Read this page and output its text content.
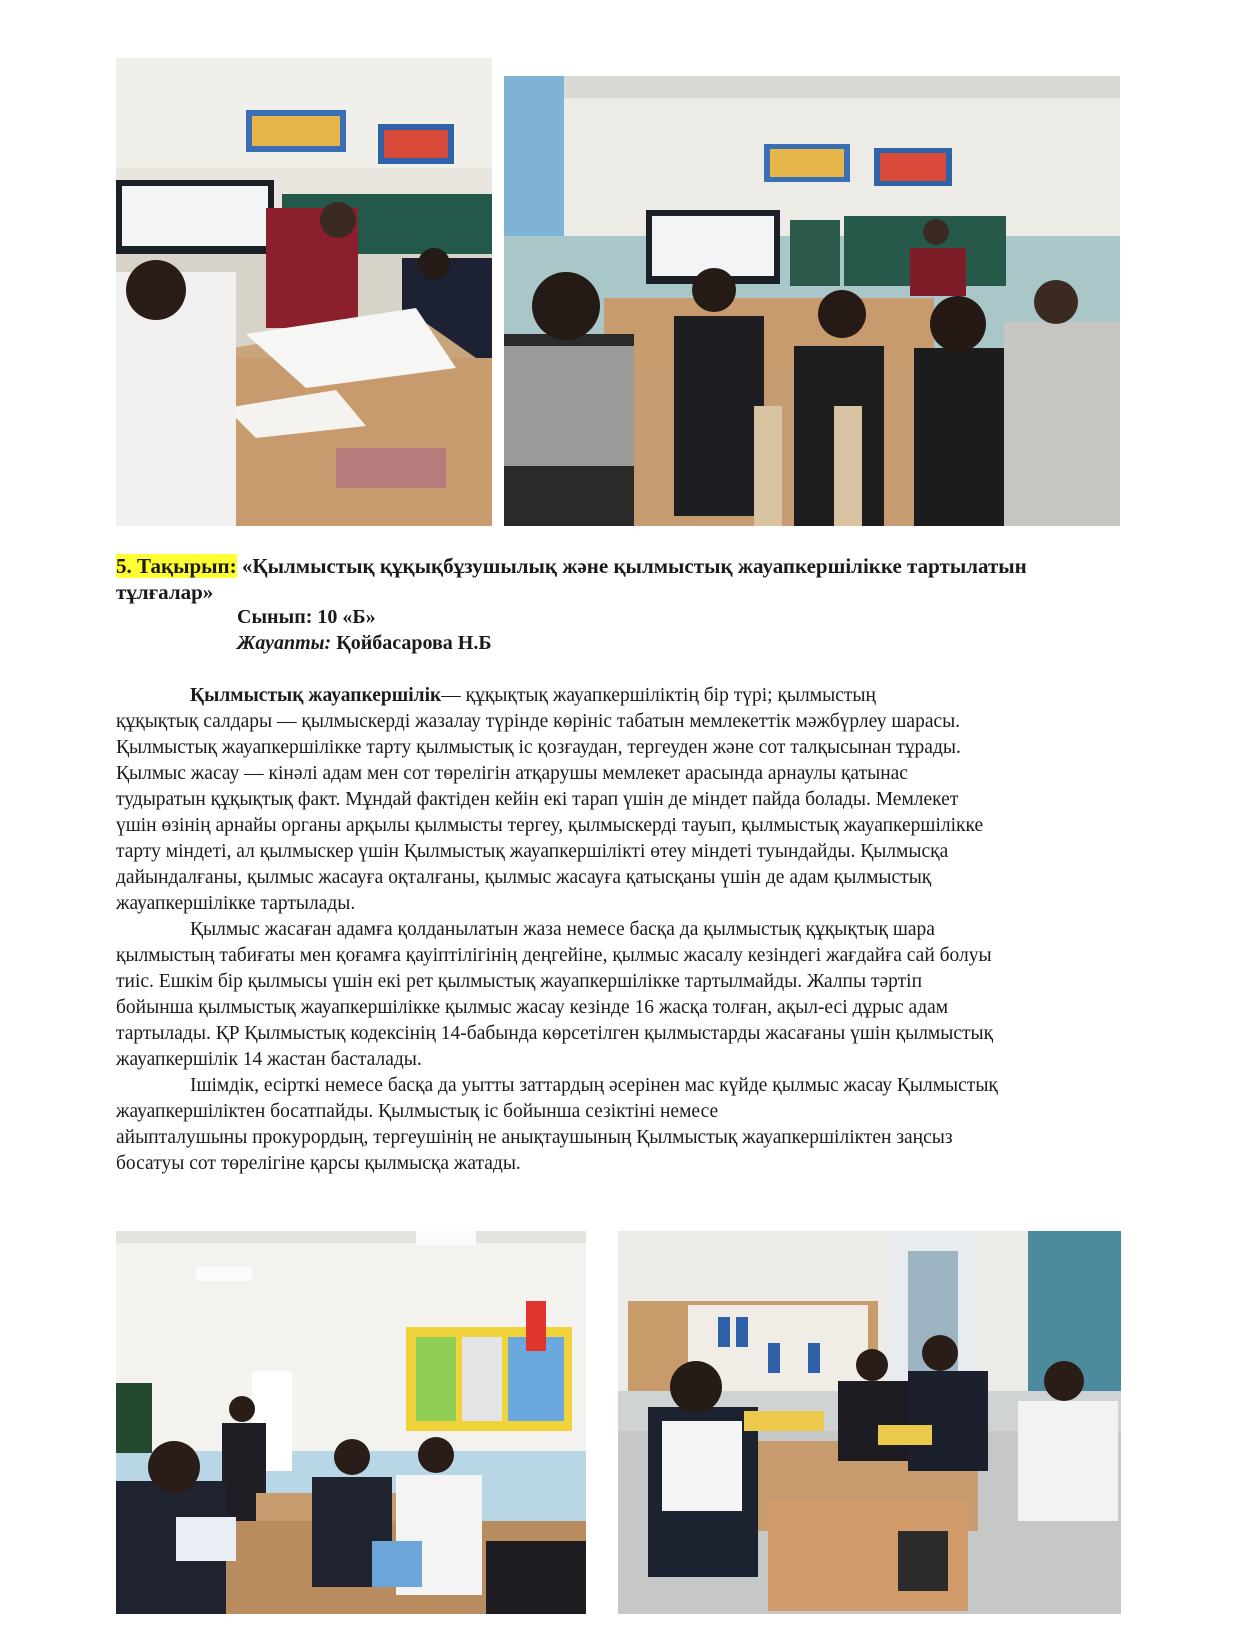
5. Тақырып: «Қылмыстық құқықбұзушылық және қылмыстық жауапкершілікке тартылатын тұлғалар»
Сынып: 10 «Б»
Жауапты: Қойбасарова Н.Б
Қылмыстық жауапкершілік— құқықтық жауапкершіліктің бір түрі; қылмыстың
құқықтық салдары — қылмыскерді жазалау түрінде көрініс табатын мемлекеттік мәжбүрлеу шарасы.
Қылмыстық жауапкершілікке тарту қылмыстық іс қозғаудан, тергеуден және сот талқысынан тұрады.
Қылмыс жасау — кінәлі адам мен сот төрелігін атқарушы мемлекет арасында арнаулы қатынас
тудыратын құқықтық факт. Мұндай фактіден кейін екі тарап үшін де міндет пайда болады. Мемлекет
үшін өзінің арнайы органы арқылы қылмысты тергеу, қылмыскерді тауып, қылмыстық жауапкершілікке
тарту міндеті, ал қылмыскер үшін Қылмыстық жауапкершілікті өтеу міндеті туындайды. Қылмысқа
дайындалғаны, қылмыс жасауға оқталғаны, қылмыс жасауға қатысқаны үшін де адам қылмыстық
жауапкершілікке тартылады.
Қылмыс жасаған адамға қолданылатын жаза немесе басқа да қылмыстық құқықтық шара
қылмыстың табиғаты мен қоғамға қауіптілігінің деңгейіне, қылмыс жасалу кезіндегі жағдайға сай болуы
тиіс. Ешкім бір қылмысы үшін екі рет қылмыстық жауапкершілікке тартылмайды. Жалпы тәртіп
бойынша қылмыстық жауапкершілікке қылмыс жасау кезінде 16 жасқа толған, ақыл-есі дұрыс адам
тартылады. ҚР Қылмыстық кодексінің 14-бабында көрсетілген қылмыстарды жасағаны үшін қылмыстық
жауапкершілік 14 жастан басталады.
Ішімдік, есірткі немесе басқа да уытты заттардың әсерінен мас күйде қылмыс жасау Қылмыстық
жауапкершіліктен босатпайды. Қылмыстық іс бойынша сезіктіні немесе
айыпталушыны прокурордың, тергеушінің не анықтаушының Қылмыстық жауапкершіліктен заңсыз
босатуы сот төрелігіне қарсы қылмысқа жатады.
